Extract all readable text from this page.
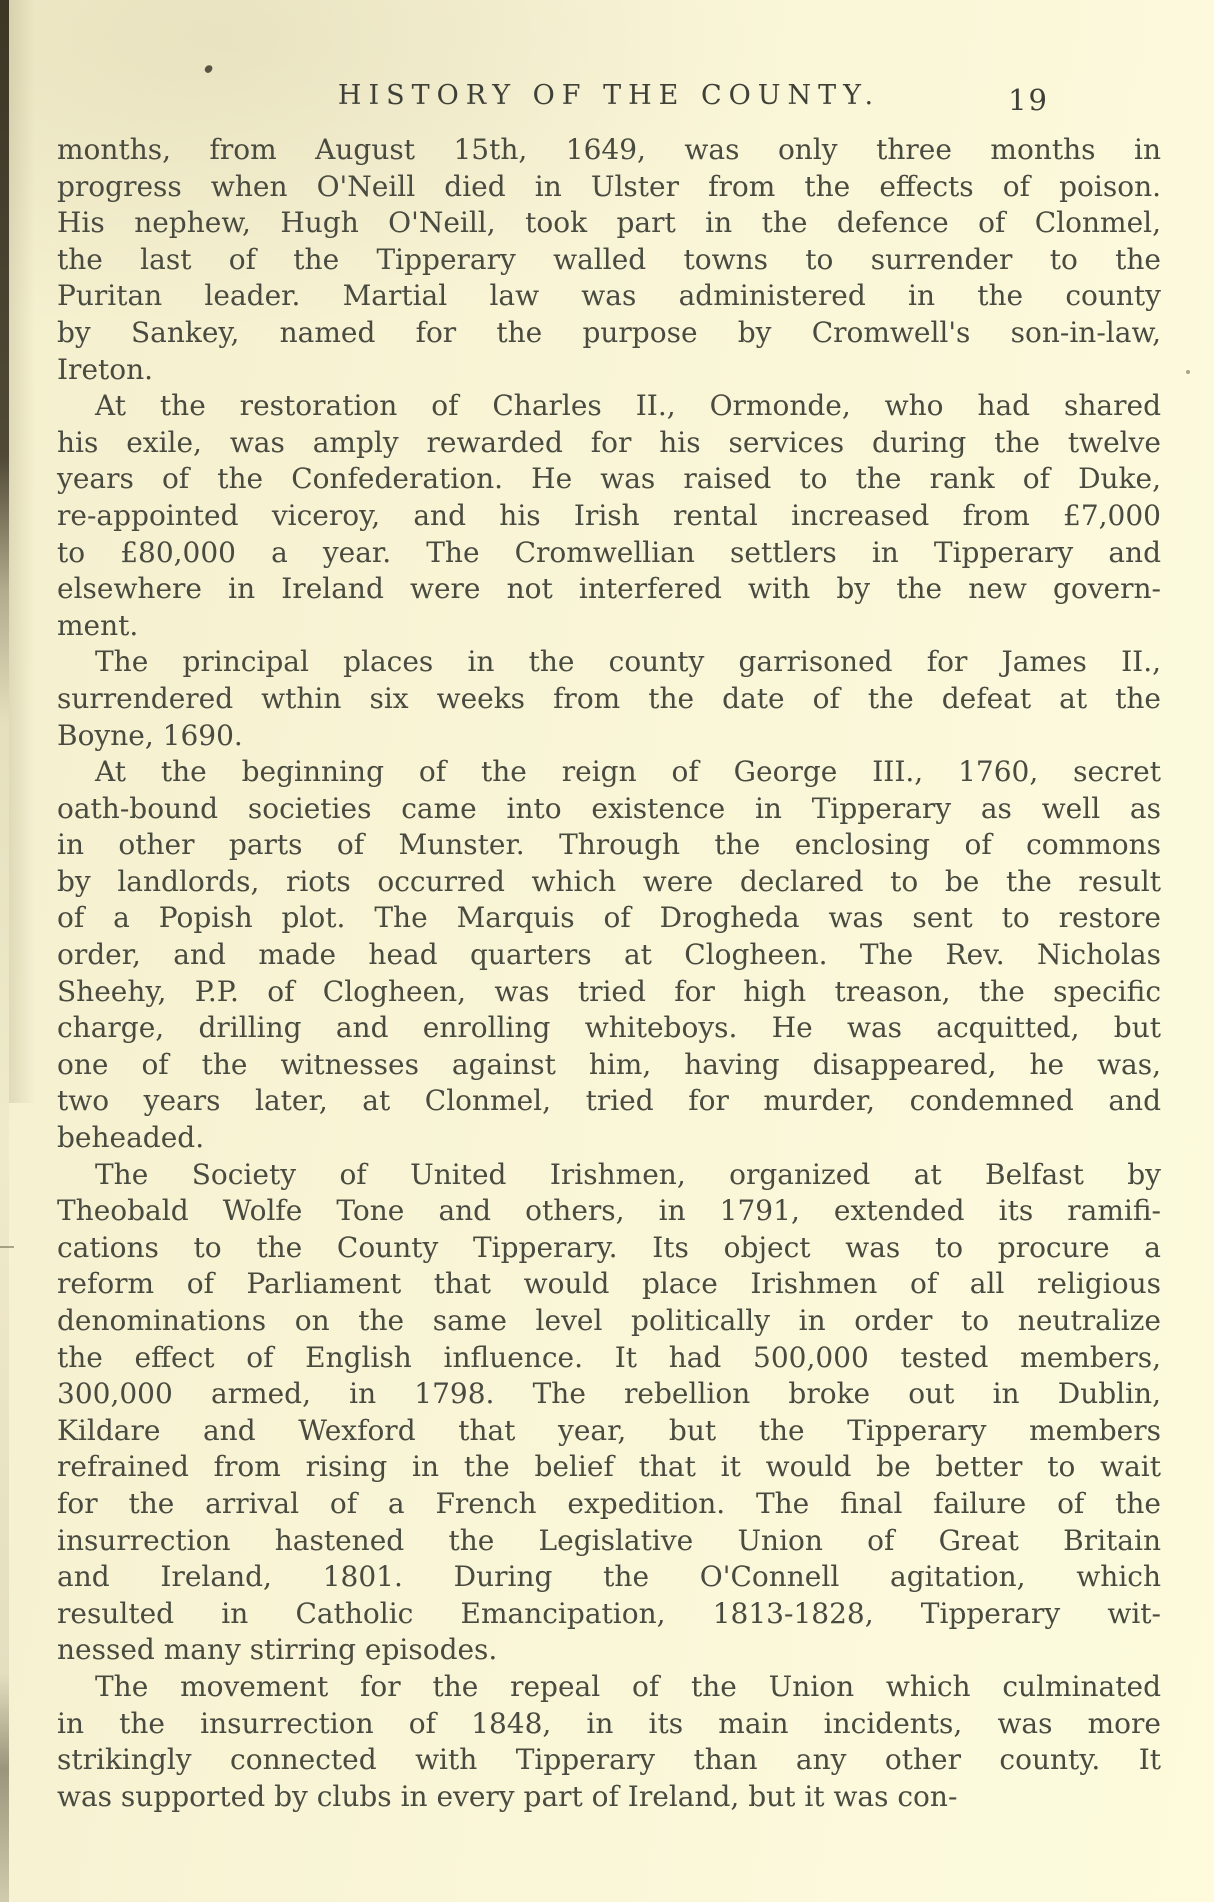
HISTORY OF THE COUNTY.	19
months, from August 15th, 1649, was only three months in
progress when O'Neill died in Ulster from the effects of poison.
His nephew, Hugh O'Neill, took part in the defence of Clonmel,
the last of the Tipperary walled towns to surrender to the
Puritan leader. Martial law was administered in the county
by Sankey, named for the purpose by Cromwell's son-in-law,
Ireton.
At the restoration of Charles II., Ormonde, who had shared
his exile, was amply rewarded for his services during the twelve
years of the Confederation. He was raised to the rank of Duke,
re-appointed viceroy, and his Irish rental increased from £7,000
to £80,000 a year. The Cromwellian settlers in Tipperary and
elsewhere in Ireland were not interfered with by the new govern-
ment.
The principal places in the county garrisoned for James II.,
surrendered wthin six weeks from the date of the defeat at the
Boyne, 1690.
At the beginning of the reign of George III., 1760, secret
oath-bound societies came into existence in Tipperary as well as
in other parts of Munster. Through the enclosing of commons
by landlords, riots occurred which were declared to be the result
of a Popish plot. The Marquis of Drogheda was sent to restore
order, and made head quarters at Clogheen. The Rev. Nicholas
Sheehy, P.P. of Clogheen, was tried for high treason, the specific
charge, drilling and enrolling whiteboys. He was acquitted, but
one of the witnesses against him, having disappeared, he was,
two years later, at Clonmel, tried for murder, condemned and
beheaded.
The Society of United Irishmen, organized at Belfast by
Theobald Wolfe Tone and others, in 1791, extended its ramifi-
cations to the County Tipperary. Its object was to procure a
reform of Parliament that would place Irishmen of all religious
denominations on the same level politically in order to neutralize
the effect of English influence. It had 500,000 tested members,
300,000 armed, in 1798. The rebellion broke out in Dublin,
Kildare and Wexford that year, but the Tipperary members
refrained from rising in the belief that it would be better to wait
for the arrival of a French expedition. The final failure of the
insurrection hastened the Legislative Union of Great Britain
and Ireland, 1801. During the O'Connell agitation, which
resulted in Catholic Emancipation, 1813-1828, Tipperary wit-
nessed many stirring episodes.
The movement for the repeal of the Union which culminated
in the insurrection of 1848, in its main incidents, was more
strikingly connected with Tipperary than any other county. It
was supported by clubs in every part of Ireland, but it was con-
